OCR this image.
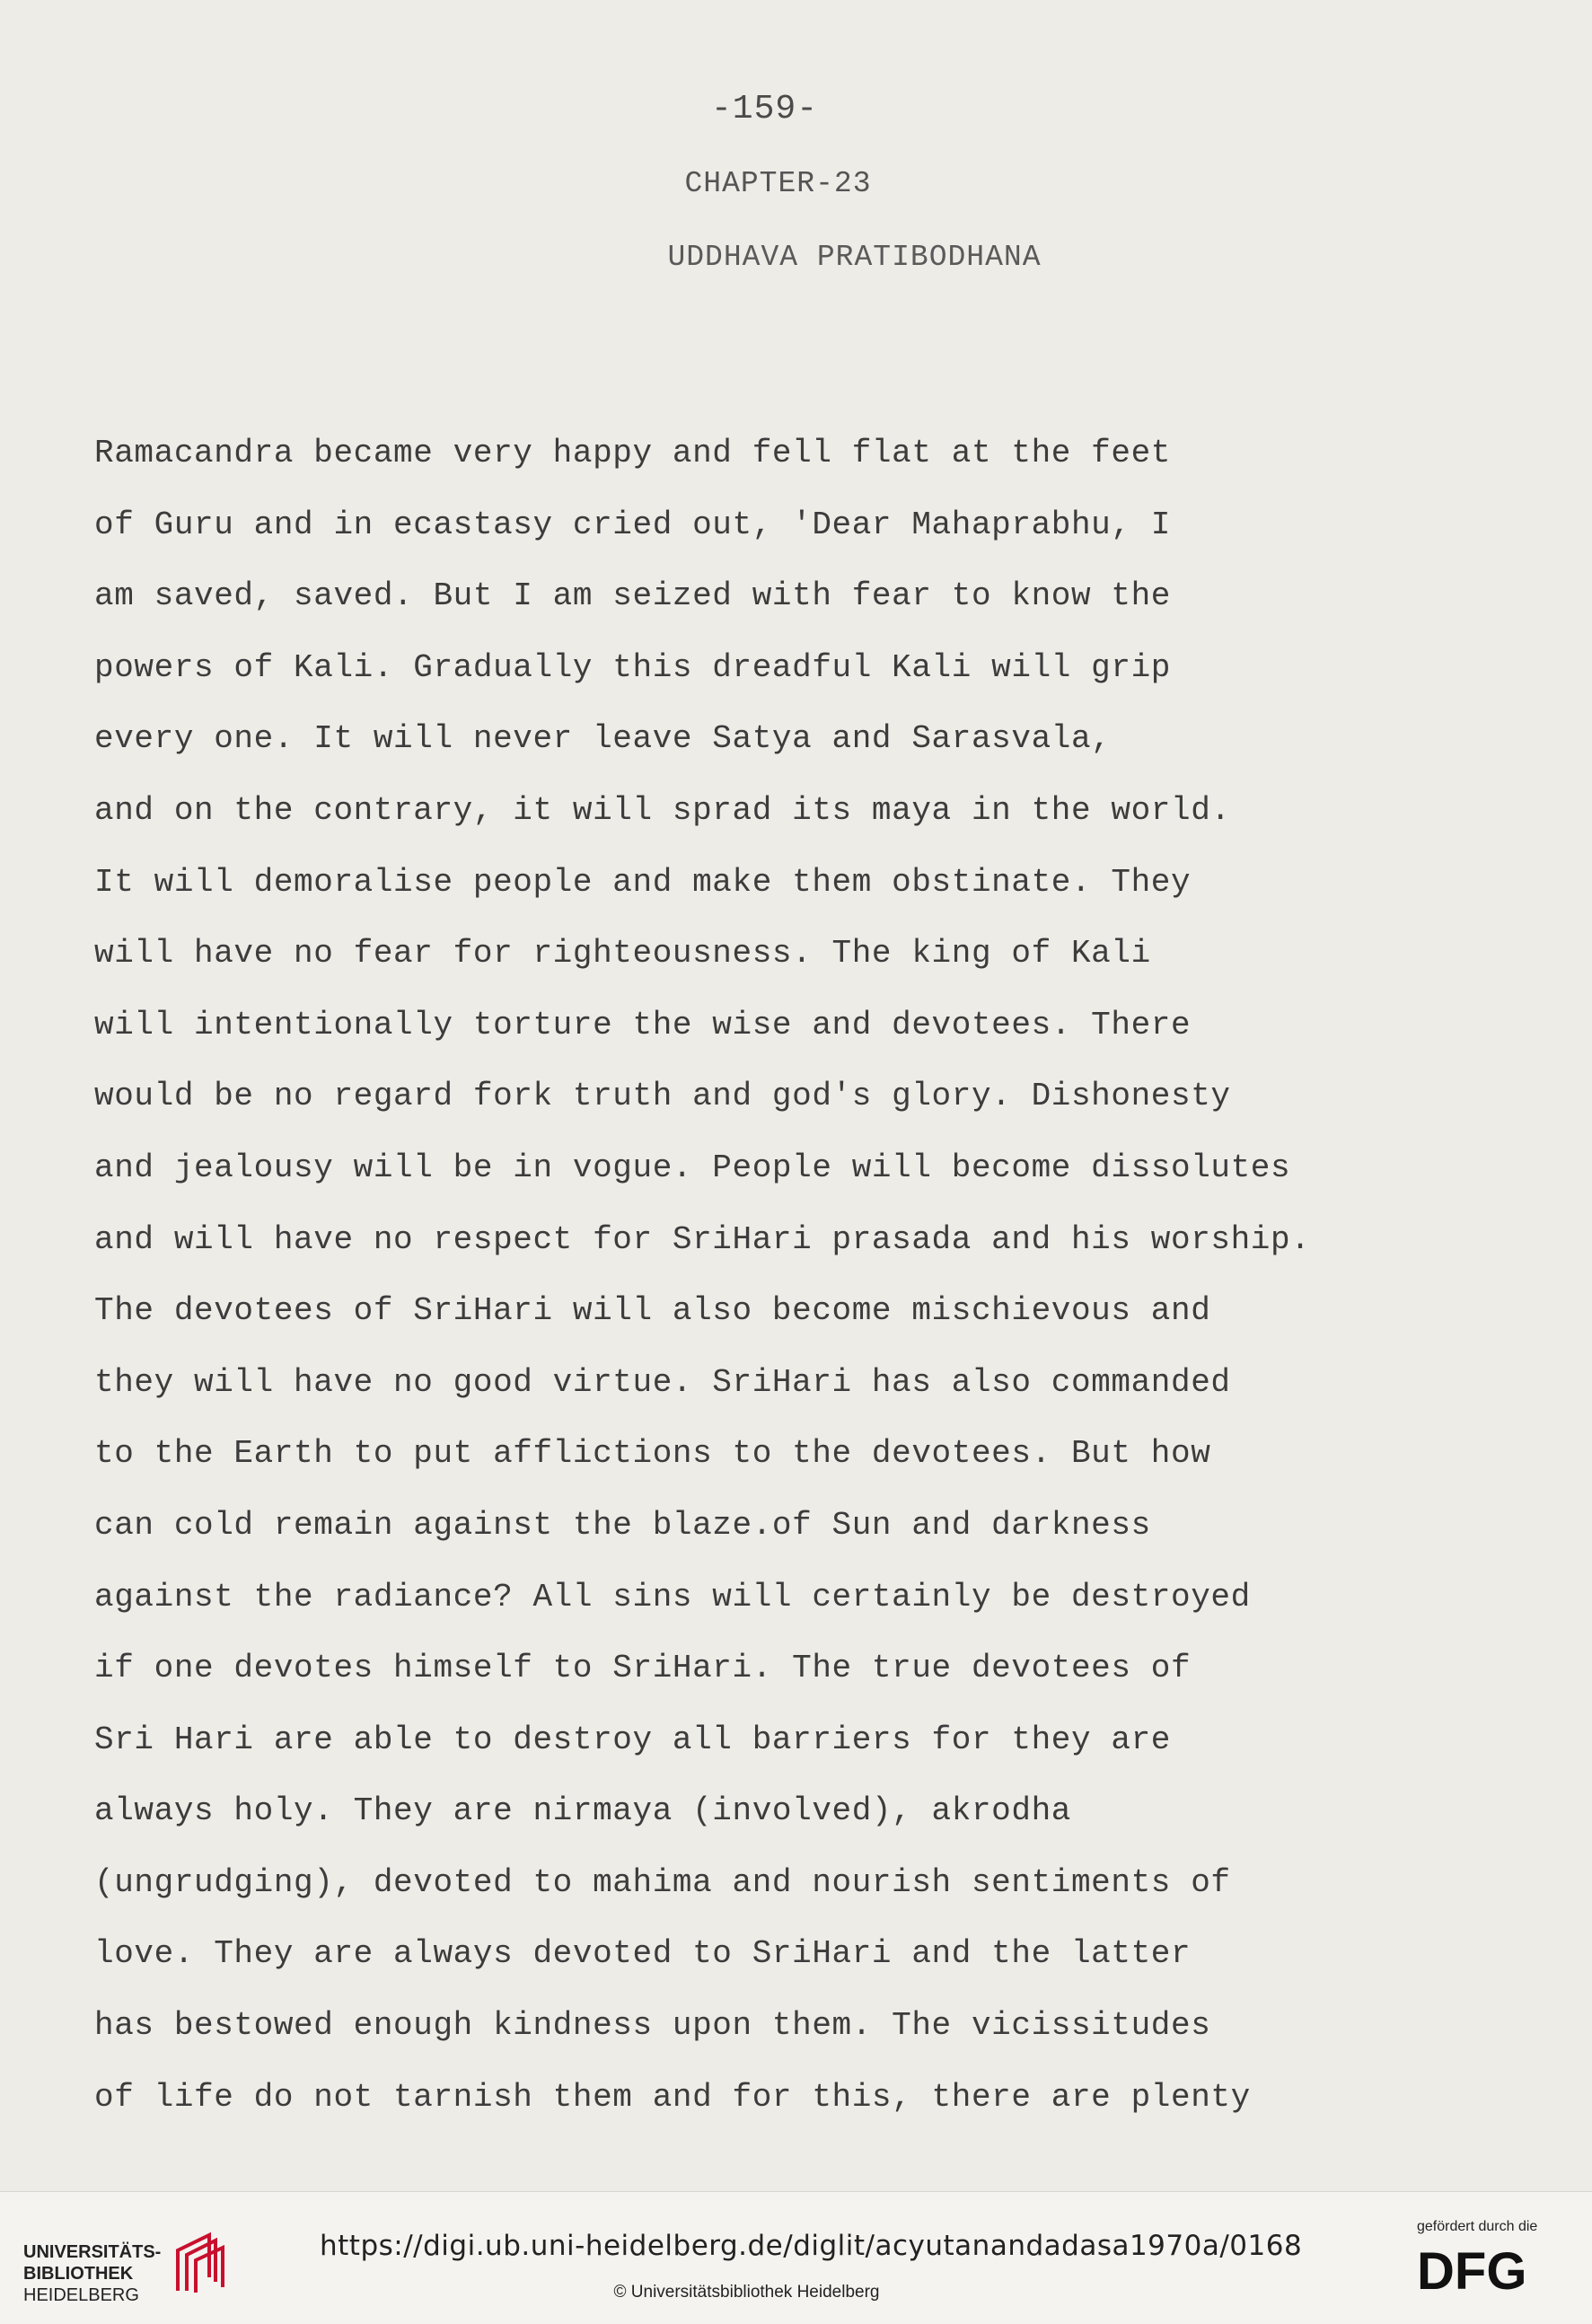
-159-
CHAPTER-23
UDDHAVA PRATIBODHANA
Ramacandra became very happy and fell flat at the feet
of Guru and in ecastasy cried out, 'Dear Mahaprabhu, I
am saved, saved. But I am seized with fear to know the
powers of Kali. Gradually this dreadful Kali will grip
every one. It will never leave Satya and Sarasvala,
and on the contrary, it will sprad its maya in the world.
It will demoralise people and make them obstinate. They
will have no fear for righteousness. The king of Kali
will intentionally torture the wise and devotees. There
would be no regard fork truth and god's glory. Dishonesty
and jealousy will be in vogue. People will become dissolutes
and will have no respect for SriHari prasada and his worship.
The devotees of SriHari will also become mischievous and
they will have no good virtue. SriHari has also commanded
to the Earth to put afflictions to the devotees. But how
can cold remain against the blaze.of Sun and darkness
against the radiance? All sins will certainly be destroyed
if one devotes himself to SriHari. The true devotees of
Sri Hari are able to destroy all barriers for they are
always holy. They are nirmaya (involved), akrodha
(ungrudging), devoted to mahima and nourish sentiments of
love. They are always devoted to SriHari and the latter
has bestowed enough kindness upon them. The vicissitudes
of life do not tarnish them and for this, there are plenty
UNIVERSITÄTS-
BIBLIOTHEK
HEIDELBERG
https://digi.ub.uni-heidelberg.de/diglit/acyutanandadasa1970a/0168
© Universitätsbibliothek Heidelberg
gefördert durch die
DFG
